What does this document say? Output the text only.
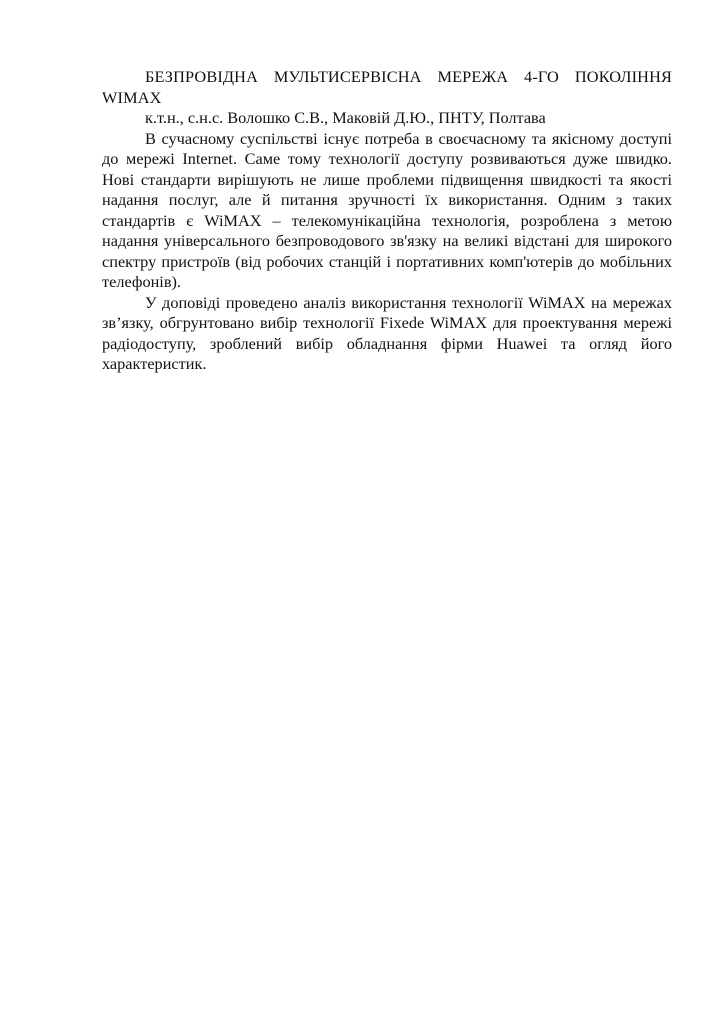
БЕЗПРОВІДНА МУЛЬТИСЕРВІСНА МЕРЕЖА 4-ГО ПОКОЛІННЯ WIMAX

к.т.н., с.н.с. Волошко С.В., Маковій Д.Ю., ПНТУ, Полтава

В сучасному суспільстві існує потреба в своєчасному та якісному доступі до мережі Internet. Саме тому технології доступу розвиваються дуже швидко. Нові стандарти вирішують не лише проблеми підвищення швидкості та якості надання послуг, але й питання зручності їх використання. Одним з таких стандартів є WiMAX – телекомунікаційна технологія, розроблена з метою надання універсального безпроводового зв'язку на великі відстані для широкого спектру пристроїв (від робочих станцій і портативних комп'ютерів до мобільних телефонів).

У доповіді проведено аналіз використання технології WiMAX на мережах зв’язку, обгрунтовано вибір технології Fixede WiMAX для проектування мережі радіодоступу, зроблений вибір обладнання фірми Huawei та огляд його характеристик.
